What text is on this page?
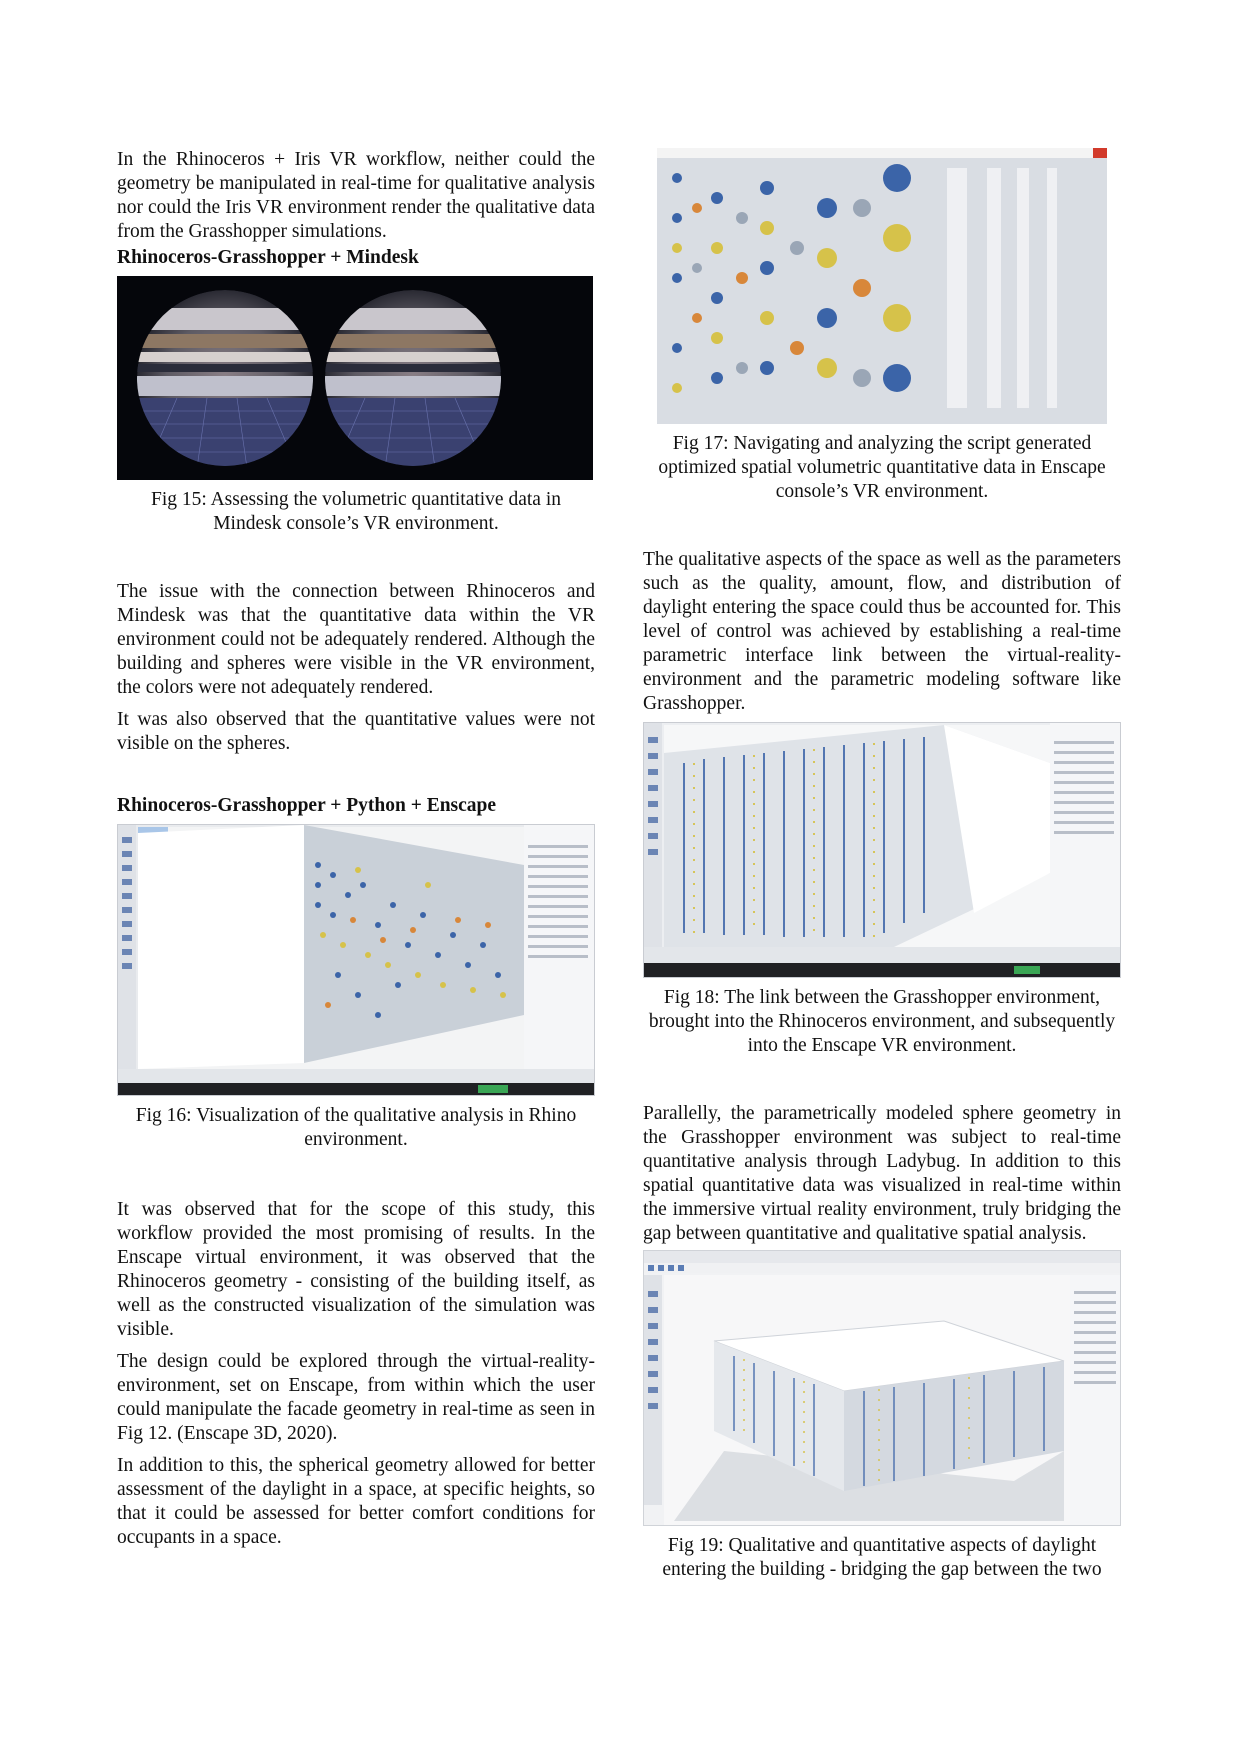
In the Rhinoceros + Iris VR workflow, neither could the geometry be manipulated in real-time for qualitative analysis nor could the Iris VR environment render the qualitative data from the Grasshopper simulations.

Rhinoceros-Grasshopper + Mindesk

Fig 15: Assessing the volumetric quantitative data in Mindesk console’s VR environment.

The issue with the connection between Rhinoceros and Mindesk was that the quantitative data within the VR environment could not be adequately rendered. Although the building and spheres were visible in the VR environment, the colors were not adequately rendered.

It was also observed that the quantitative values were not visible on the spheres.

Rhinoceros-Grasshopper + Python + Enscape

Fig 16: Visualization of the qualitative analysis in Rhino environment.

It was observed that for the scope of this study, this workflow provided the most promising of results. In the Enscape virtual environment, it was observed that the Rhinoceros geometry - consisting of the building itself, as well as the constructed visualization of the simulation was visible.

The design could be explored through the virtual-reality-environment, set on Enscape, from within which the user could manipulate the facade geometry in real-time as seen in Fig 12. (Enscape 3D, 2020).

In addition to this, the spherical geometry allowed for better assessment of the daylight in a space, at specific heights, so that it could be assessed for better comfort conditions for occupants in a space.

Fig 17: Navigating and analyzing the script generated optimized spatial volumetric quantitative data in Enscape console’s VR environment.

The qualitative aspects of the space as well as the parameters such as the quality, amount, flow, and distribution of daylight entering the space could thus be accounted for. This level of control was achieved by establishing a real-time parametric interface link between the virtual-reality-environment and the parametric modeling software like Grasshopper.

Fig 18: The link between the Grasshopper environment, brought into the Rhinoceros environment, and subsequently into the Enscape VR environment.

Parallelly, the parametrically modeled sphere geometry in the Grasshopper environment was subject to real-time quantitative analysis through Ladybug. In addition to this spatial quantitative data was visualized in real-time within the immersive virtual reality environment, truly bridging the gap between quantitative and qualitative spatial analysis.

Fig 19: Qualitative and quantitative aspects of daylight entering the building - bridging the gap between the two
